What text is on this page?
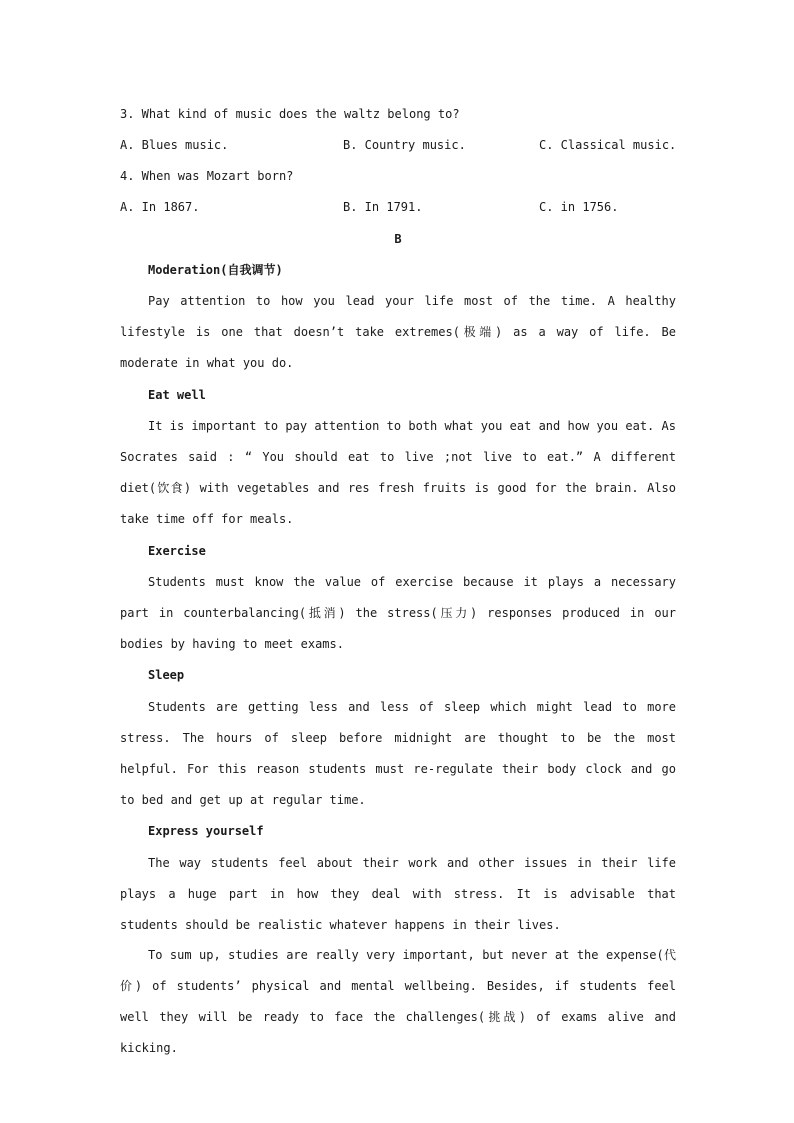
3. What kind of music does the waltz belong to?
A. Blues music.	B. Country music.	C. Classical music.
4. When was Mozart born?
A. In 1867.	B. In 1791.	C. in 1756.
B
Moderation(自我调节)
Pay attention to how you lead your life most of the time. A healthy lifestyle is one that doesn’t take extremes(极端) as a way of life. Be moderate in what you do.
Eat well
It is important to pay attention to both what you eat and how you eat. As Socrates said : “ You should eat to live ;not live to eat.” A different diet(饮食) with vegetables and res fresh fruits is good for the brain. Also take time off for meals.
Exercise
Students must know the value of exercise because it plays a necessary part in counterbalancing(抵消) the stress(压力) responses produced in our bodies by having to meet exams.
Sleep
Students are getting less and less of sleep which might lead to more stress. The hours of sleep before midnight are thought to be the most helpful. For this reason students must re-regulate their body clock and go to bed and get up at regular time.
Express yourself
The way students feel about their work and other issues in their life plays a huge part in how they deal with stress. It is advisable that students should be realistic whatever happens in their lives.
To sum up, studies are really very important, but never at the expense(代价) of students’ physical and mental wellbeing. Besides, if students feel well they will be ready to face the challenges(挑战) of exams alive and kicking.
